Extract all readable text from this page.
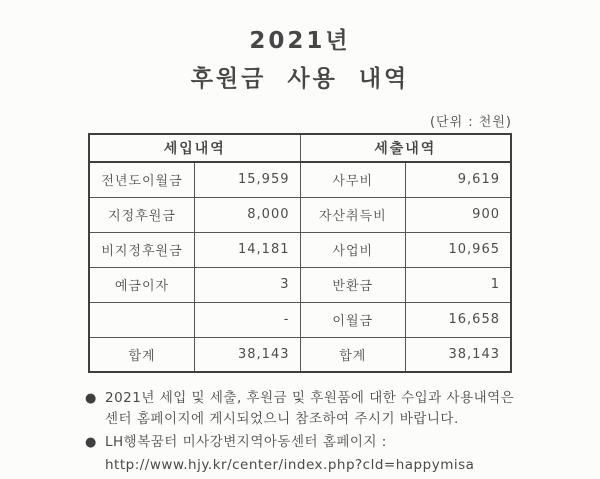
2021년
후원금 사용 내역
(단위 : 천원)
세입내역		세출내역	
전년도이월금	15,959	사무비	9,619
지정후원금	8,000	자산취득비	900
비지정후원금	14,181	사업비	10,965
예금이자	3	반환금	1
	-	이월금	16,658
합계	38,143	합계	38,143
● 2021년 세입 및 세출, 후원금 및 후원품에 대한 수입과 사용내역은 센터 홈페이지에 게시되었으니 참조하여 주시기 바랍니다.
● LH행복꿈터 미사강변지역아동센터 홈페이지 :
http://www.hjy.kr/center/index.php?cld=happymisa
